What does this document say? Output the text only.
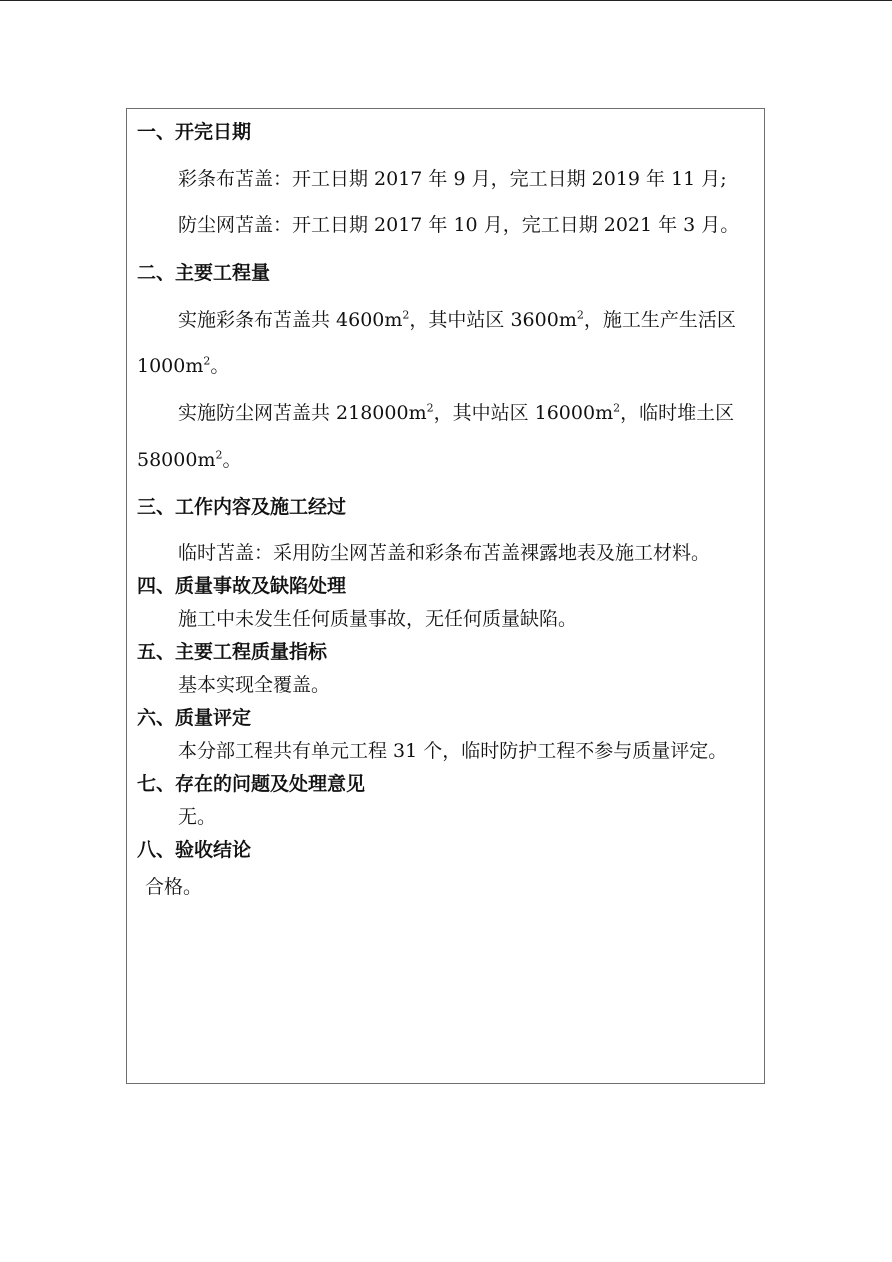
一、开完日期
彩条布苫盖：开工日期 2017 年 9 月，完工日期 2019 年 11 月;
防尘网苫盖：开工日期 2017 年 10 月，完工日期 2021 年 3 月。
二、主要工程量
实施彩条布苫盖共 $4600m^2$，其中站区 $3600m^2$，施工生产生活区
$1000m^2$。
实施防尘网苫盖共 $218000m^2$，其中站区 $16000m^2$，临时堆土区
$58000m^2$。
三、工作内容及施工经过
临时苫盖：采用防尘网苫盖和彩条布苫盖裸露地表及施工材料。
四、质量事故及缺陷处理
施工中未发生任何质量事故，无任何质量缺陷。
五、主要工程质量指标
基本实现全覆盖。
六、质量评定
本分部工程共有单元工程 31 个，临时防护工程不参与质量评定。
七、存在的问题及处理意见
无。
八、验收结论
合格。
